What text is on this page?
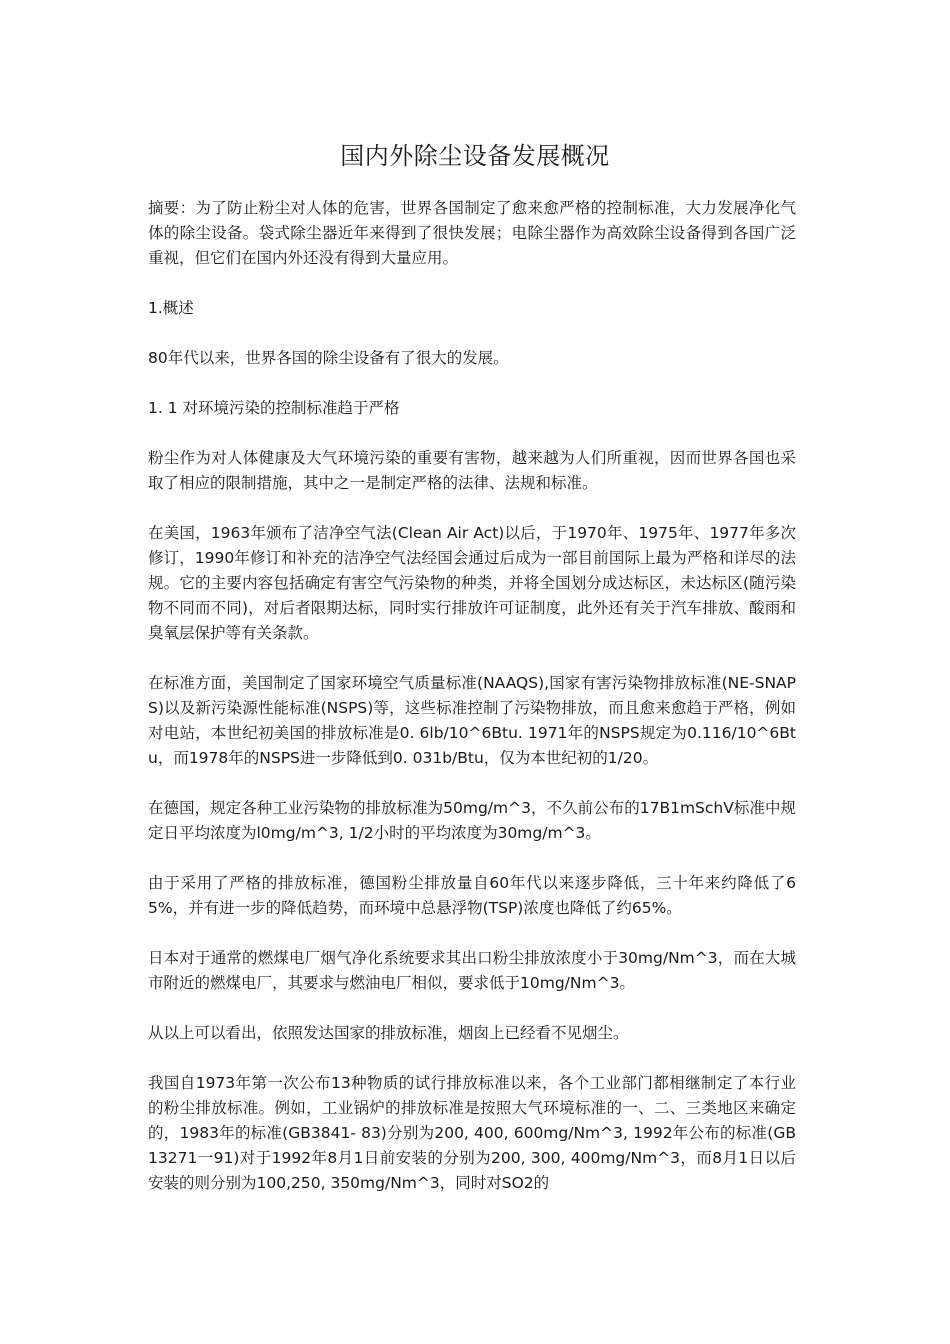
国内外除尘设备发展概况

摘要：为了防止粉尘对人体的危害，世界各国制定了愈来愈严格的控制标准，大力发展净化气体的除尘设备。袋式除尘器近年来得到了很快发展；电除尘器作为高效除尘设备得到各国广泛重视，但它们在国内外还没有得到大量应用。

1.概述

80年代以来，世界各国的除尘设备有了很大的发展。

1. 1 对环境污染的控制标准趋于严格

粉尘作为对人体健康及大气环境污染的重要有害物，越来越为人们所重视，因而世界各国也采取了相应的限制措施，其中之一是制定严格的法律、法规和标准。

在美国，1963年颁布了洁净空气法(Clean Air Act)以后，于1970年、1975年、1977年多次修订，1990年修订和补充的洁净空气法经国会通过后成为一部目前国际上最为严格和详尽的法规。它的主要内容包括确定有害空气污染物的种类，并将全国划分成达标区，未达标区(随污染物不同而不同)，对后者限期达标，同时实行排放许可证制度，此外还有关于汽车排放、酸雨和臭氧层保护等有关条款。

在标准方面，美国制定了国家环境空气质量标准(NAAQS),国家有害污染物排放标准(NE-SNAPS)以及新污染源性能标准(NSPS)等，这些标准控制了污染物排放，而且愈来愈趋于严格，例如对电站，本世纪初美国的排放标准是0. 6lb/10^6Btu. 1971年的NSPS规定为0.116/10^6Btu，而1978年的NSPS进一步降低到0. 031b/Btu，仅为本世纪初的1/20。

在德国，规定各种工业污染物的排放标准为50mg/m^3，不久前公布的17B1mSchV标准中规定日平均浓度为l0mg/m^3, 1/2小时的平均浓度为30mg/m^3。

由于采用了严格的排放标准，德国粉尘排放量自60年代以来逐步降低，三十年来约降低了65%，并有进一步的降低趋势，而环境中总悬浮物(TSP)浓度也降低了约65%。

日本对于通常的燃煤电厂烟气净化系统要求其出口粉尘排放浓度小于30mg/Nm^3，而在大城市附近的燃煤电厂，其要求与燃油电厂相似，要求低于10mg/Nm^3。

从以上可以看出，依照发达国家的排放标准，烟囱上已经看不见烟尘。

我国自1973年第一次公布13种物质的试行排放标准以来，各个工业部门都相继制定了本行业的粉尘排放标准。例如，工业锅炉的排放标准是按照大气环境标准的一、二、三类地区来确定的，1983年的标准(GB3841- 83)分别为200, 400, 600mg/Nm^3, 1992年公布的标准(GB13271一91)对于1992年8月1日前安装的分别为200, 300, 400mg/Nm^3，而8月1日以后安装的则分别为100,250, 350mg/Nm^3，同时对SO2的
